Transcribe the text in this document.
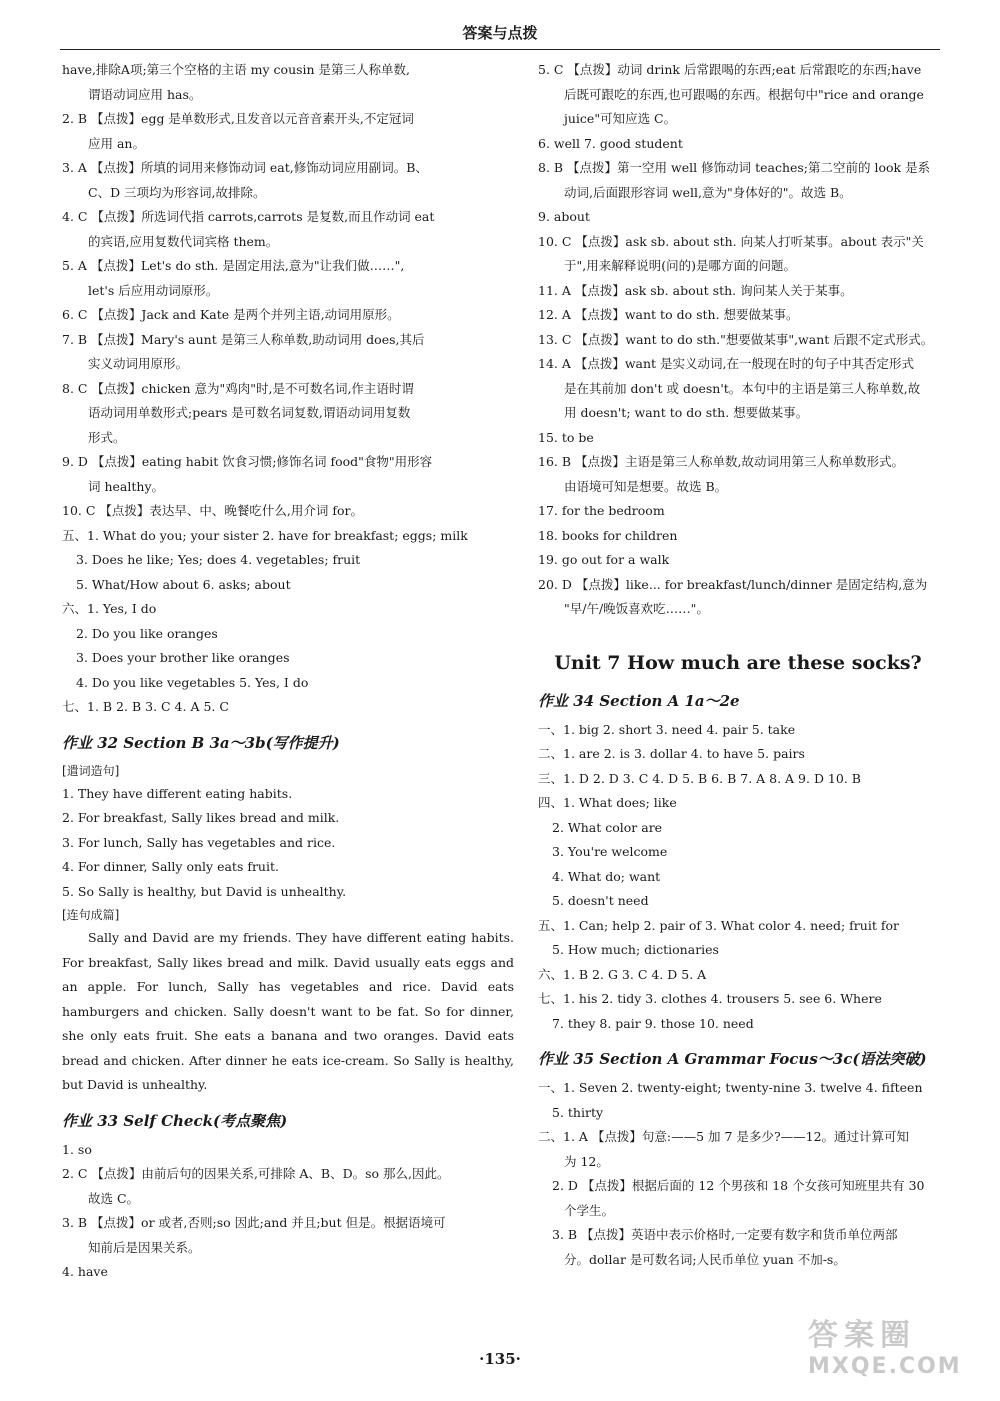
答案与点拨
have,排除A项;第三个空格的主语 my cousin 是第三人称单数,
谓语动词应用 has。
2. B 【点拨】egg 是单数形式,且发音以元音音素开头,不定冠词
应用 an。
3. A 【点拨】所填的词用来修饰动词 eat,修饰动词应用副词。B、
C、D 三项均为形容词,故排除。
4. C 【点拨】所选词代指 carrots,carrots 是复数,而且作动词 eat
的宾语,应用复数代词宾格 them。
5. A 【点拨】Let's do sth. 是固定用法,意为"让我们做……",
let's 后应用动词原形。
6. C 【点拨】Jack and Kate 是两个并列主语,动词用原形。
7. B 【点拨】Mary's aunt 是第三人称单数,助动词用 does,其后
实义动词用原形。
8. C 【点拨】chicken 意为"鸡肉"时,是不可数名词,作主语时谓
语动词用单数形式;pears 是可数名词复数,谓语动词用复数
形式。
9. D 【点拨】eating habit 饮食习惯;修饰名词 food"食物"用形容
词 healthy。
10. C 【点拨】表达早、中、晚餐吃什么,用介词 for。
五、1. What do you; your sister 2. have for breakfast; eggs; milk
3. Does he like; Yes; does 4. vegetables; fruit
5. What/How about 6. asks; about
六、1. Yes, I do
2. Do you like oranges
3. Does your brother like oranges
4. Do you like vegetables 5. Yes, I do
七、1. B 2. B 3. C 4. A 5. C
作业 32 Section B 3a～3b(写作提升)
[遣词造句]
1. They have different eating habits.
2. For breakfast, Sally likes bread and milk.
3. For lunch, Sally has vegetables and rice.
4. For dinner, Sally only eats fruit.
5. So Sally is healthy, but David is unhealthy.
[连句成篇]
Sally and David are my friends. They have different eating habits. For breakfast, Sally likes bread and milk. David usually eats eggs and an apple. For lunch, Sally has vegetables and rice. David eats hamburgers and chicken. Sally doesn't want to be fat. So for dinner, she only eats fruit. She eats a banana and two oranges. David eats bread and chicken. After dinner he eats ice-cream. So Sally is healthy, but David is unhealthy.
作业 33 Self Check(考点聚焦)
1. so
2. C 【点拨】由前后句的因果关系,可排除 A、B、D。so 那么,因此。
故选 C。
3. B 【点拨】or 或者,否则;so 因此;and 并且;but 但是。根据语境可
知前后是因果关系。
4. have
5. C 【点拨】动词 drink 后常跟喝的东西;eat 后常跟吃的东西;have
后既可跟吃的东西,也可跟喝的东西。根据句中"rice and orange
juice"可知应选 C。
6. well 7. good student
8. B 【点拨】第一空用 well 修饰动词 teaches;第二空前的 look 是系
动词,后面跟形容词 well,意为"身体好的"。故选 B。
9. about
10. C 【点拨】ask sb. about sth. 向某人打听某事。about 表示"关
于",用来解释说明(问的)是哪方面的问题。
11. A 【点拨】ask sb. about sth. 询问某人关于某事。
12. A 【点拨】want to do sth. 想要做某事。
13. C 【点拨】want to do sth."想要做某事",want 后跟不定式形式。
14. A 【点拨】want 是实义动词,在一般现在时的句子中其否定形式
是在其前加 don't 或 doesn't。本句中的主语是第三人称单数,故
用 doesn't; want to do sth. 想要做某事。
15. to be
16. B 【点拨】主语是第三人称单数,故动词用第三人称单数形式。
由语境可知是想要。故选 B。
17. for the bedroom
18. books for children
19. go out for a walk
20. D 【点拨】like... for breakfast/lunch/dinner 是固定结构,意为
"早/午/晚饭喜欢吃……"。
Unit 7 How much are these socks?
作业 34 Section A 1a～2e
一、1. big 2. short 3. need 4. pair 5. take
二、1. are 2. is 3. dollar 4. to have 5. pairs
三、1. D 2. D 3. C 4. D 5. B 6. B 7. A 8. A 9. D 10. B
四、1. What does; like
2. What color are
3. You're welcome
4. What do; want
5. doesn't need
五、1. Can; help 2. pair of 3. What color 4. need; fruit for
5. How much; dictionaries
六、1. B 2. G 3. C 4. D 5. A
七、1. his 2. tidy 3. clothes 4. trousers 5. see 6. Where
7. they 8. pair 9. those 10. need
作业 35 Section A Grammar Focus～3c(语法突破)
一、1. Seven 2. twenty-eight; twenty-nine 3. twelve 4. fifteen
5. thirty
二、1. A 【点拨】句意:——5 加 7 是多少?——12。通过计算可知
为 12。
2. D 【点拨】根据后面的 12 个男孩和 18 个女孩可知班里共有 30
个学生。
3. B 【点拨】英语中表示价格时,一定要有数字和货币单位两部
分。dollar 是可数名词;人民币单位 yuan 不加-s。
·135·
答案圈
MXQE.COM
